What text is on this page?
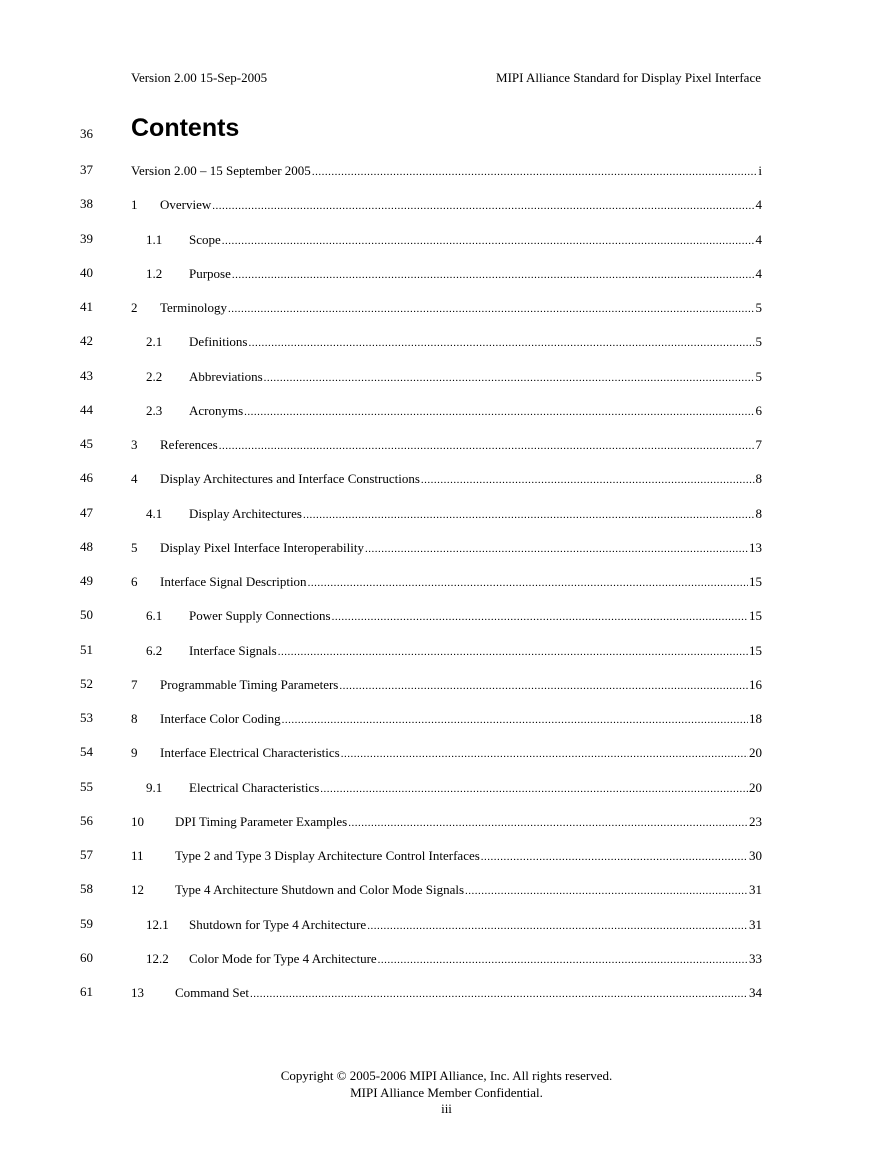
Version 2.00 15-Sep-2005	MIPI Alliance Standard for Display Pixel Interface
36	Contents
37	Version 2.00 – 15 September 2005 .....	i
38	1	Overview .....	4
39	1.1	Scope .....	4
40	1.2	Purpose .....	4
41	2	Terminology .....	5
42	2.1	Definitions .....	5
43	2.2	Abbreviations .....	5
44	2.3	Acronyms .....	6
45	3	References .....	7
46	4	Display Architectures and Interface Constructions .....	8
47	4.1	Display Architectures .....	8
48	5	Display Pixel Interface Interoperability .....	13
49	6	Interface Signal Description .....	15
50	6.1	Power Supply Connections .....	15
51	6.2	Interface Signals .....	15
52	7	Programmable Timing Parameters .....	16
53	8	Interface Color Coding .....	18
54	9	Interface Electrical Characteristics .....	20
55	9.1	Electrical Characteristics .....	20
56	10	DPI Timing Parameter Examples .....	23
57	11	Type 2 and Type 3 Display Architecture Control Interfaces .....	30
58	12	Type 4 Architecture Shutdown and Color Mode Signals .....	31
59	12.1	Shutdown for Type 4 Architecture .....	31
60	12.2	Color Mode for Type 4 Architecture .....	33
61	13	Command Set .....	34
Copyright © 2005-2006 MIPI Alliance, Inc. All rights reserved.
MIPI Alliance Member Confidential.
iii
